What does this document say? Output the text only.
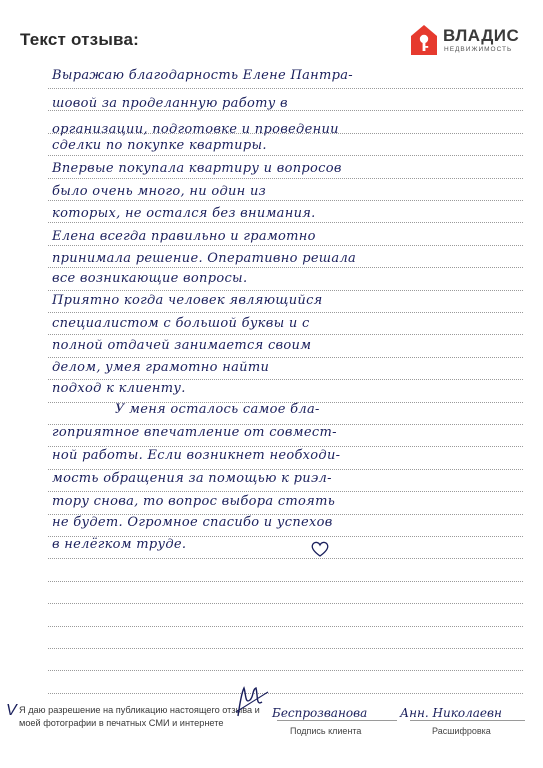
Текст отзыва:	ВЛАДИС
НЕДВИЖИМОСТЬ
Выражаю благодарность Елене Пантра-
шовой за проделанную работу в
организации, подготовке и проведении
сделки по покупке квартиры.
Впервые покупала квартиру и вопросов
было очень много, ни один из
которых, не остался без внимания.
Елена всегда правильно и грамотно
принимала решение. Оперативно решала
все возникающие вопросы.
Приятно когда человек являющийся
специалистом с большой буквы и с
полной отдачей занимается своим
делом, умея грамотно найти
подход к клиенту.
У меня осталось самое бла-
гоприятное впечатление от совмест-
ной работы. Если возникнет необходи-
мость обращения за помощью к риэл-
тору снова, то вопрос выбора стоять
не будет. Огромное спасибо и успехов
в нелёгком труде.
V Я даю разрешение на публикацию настоящего отзыва и моей фотографии в печатных СМИ и интернете
Беспрозванова	Анн. Николаевн
Подпись клиента	Расшифровка
